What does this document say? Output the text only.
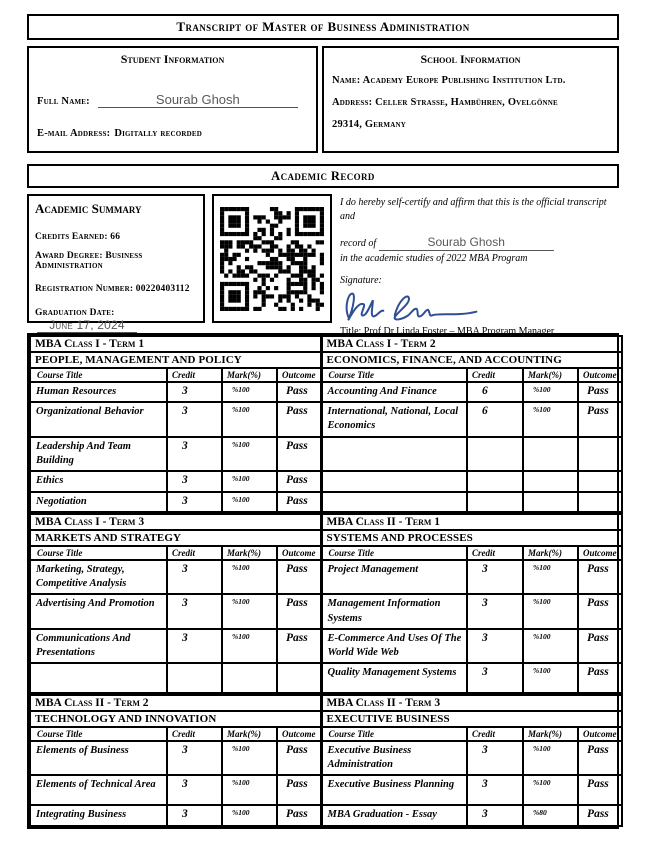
Transcript of Master of Business Administration
Student Information
Full Name:	Sourab Ghosh
E-mail Address: Digitally recorded
School Information
Name: Academy Europe Publishing Institution Ltd.
Address: Celler Strasse, Hambühren, Ovelgönne
29314, Germany
Academic Record
Academic Summary
Credits Earned: 66
Award Degree: Business Administration
Registration Number: 00220403112
Graduation Date: June 17, 2024
I do hereby self-certify and affirm that this is the official transcript and
record of	Sourab Ghosh
in the academic studies of 2022 MBA Program
Signature:
Title: Prof,Dr,Linda Foster – MBA Program Manager
MBA Class I - Term 1				MBA Class I - Term 2			
PEOPLE, MANAGEMENT AND POLICY				ECONOMICS, FINANCE, AND ACCOUNTING			
Course Title	Credit	Mark(%)	Outcome	Course Title	Credit	Mark(%)	Outcome
Human Resources	3	%100	Pass	Accounting And Finance	6	%100	Pass
Organizational Behavior	3	%100	Pass	International, National, Local Economics	6	%100	Pass
Leadership And Team Building	3	%100	Pass				
Ethics	3	%100	Pass				
Negotiation	3	%100	Pass				
MBA Class I - Term 3				MBA Class II - Term 1			
MARKETS AND STRATEGY				SYSTEMS AND PROCESSES			
Course Title	Credit	Mark(%)	Outcome	Course Title	Credit	Mark(%)	Outcome
Marketing, Strategy, Competitive Analysis	3	%100	Pass	Project Management	3	%100	Pass
Advertising And Promotion	3	%100	Pass	Management Information Systems	3	%100	Pass
Communications And Presentations	3	%100	Pass	E-Commerce And Uses Of The World Wide Web	3	%100	Pass
				Quality Management Systems	3	%100	Pass
MBA Class II - Term 2				MBA Class II - Term 3			
TECHNOLOGY AND INNOVATION				EXECUTIVE BUSINESS			
Course Title	Credit	Mark(%)	Outcome	Course Title	Credit	Mark(%)	Outcome
Elements of Business	3	%100	Pass	Executive Business Administration	3	%100	Pass
Elements of Technical Area	3	%100	Pass	Executive Business Planning	3	%100	Pass
Integrating Business	3	%100	Pass	MBA Graduation - Essay	3	%80	Pass
